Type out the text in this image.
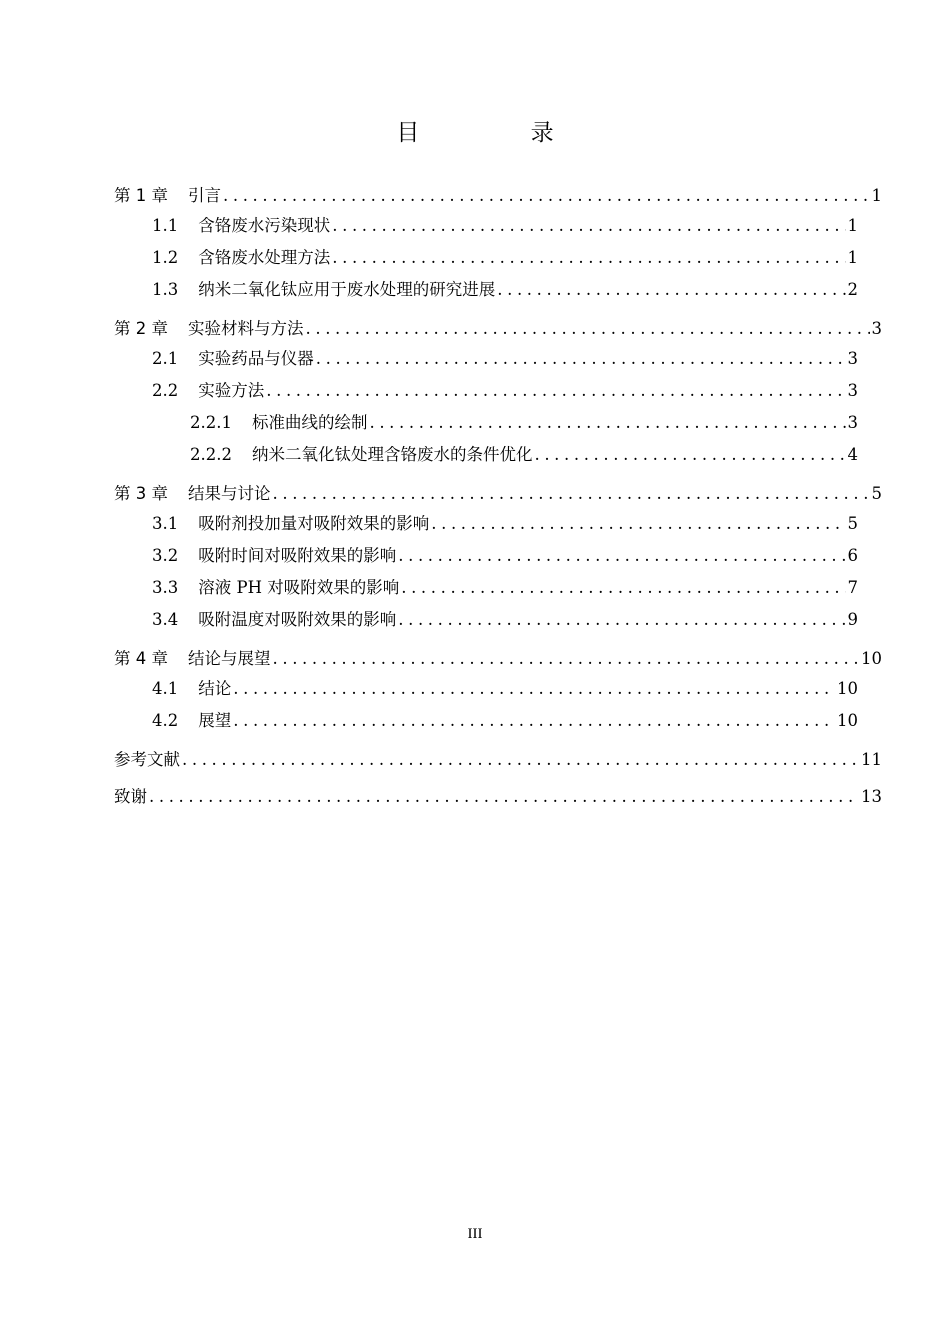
目 录
第 1 章 引言 .....	1
1.1 含铬废水污染现状 .....	1
1.2 含铬废水处理方法 .....	1
1.3 纳米二氧化钛应用于废水处理的研究进展 .....	2
第 2 章 实验材料与方法 .....	3
2.1 实验药品与仪器 .....	3
2.2 实验方法 .....	3
2.2.1 标准曲线的绘制 .....	3
2.2.2 纳米二氧化钛处理含铬废水的条件优化 .....	4
第 3 章 结果与讨论 .....	5
3.1 吸附剂投加量对吸附效果的影响 .....	5
3.2 吸附时间对吸附效果的影响 .....	6
3.3 溶液 PH 对吸附效果的影响 .....	7
3.4 吸附温度对吸附效果的影响 .....	9
第 4 章 结论与展望 .....	10
4.1 结论 .....	10
4.2 展望 .....	10
参考文献 .....	11
致谢 .....	13
III
